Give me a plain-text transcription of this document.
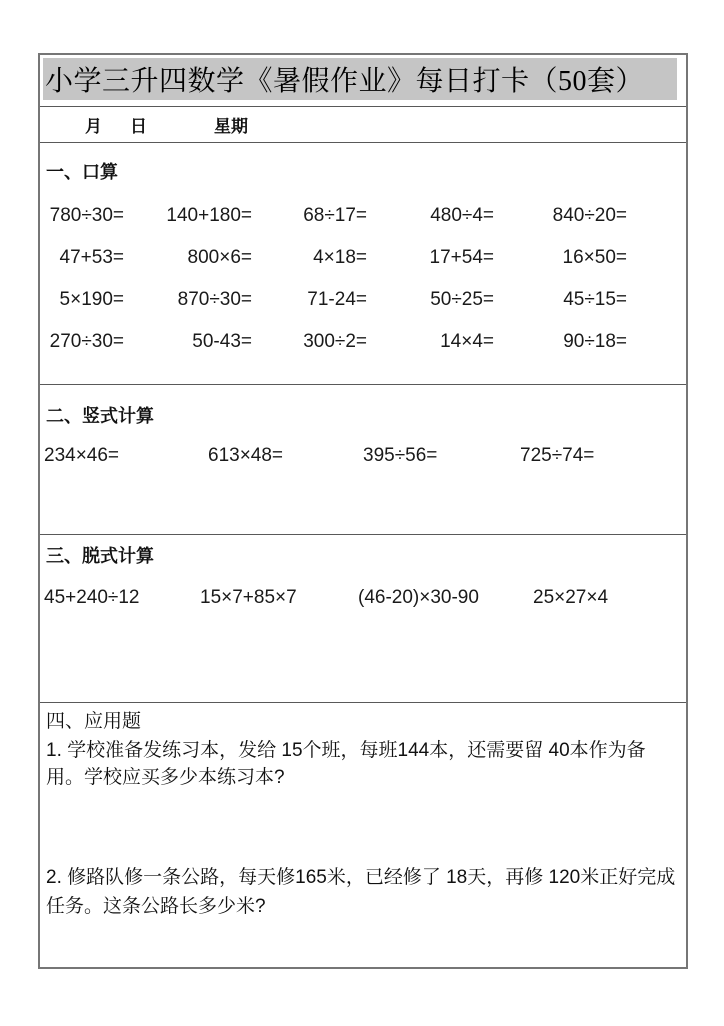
小学三升四数学《暑假作业》每日打卡（50套）
月 日	星期
一、口算
780÷30=	140+180=	68÷17=	480÷4=	840÷20=
47+53=	800×6=	4×18=	17+54=	16×50=
5×190=	870÷30=	71-24=	50÷25=	45÷15=
270÷30=	50-43=	300÷2=	14×4=	90÷18=
二、竖式计算
234×46=	613×48=	395÷56=	725÷74=
三、脱式计算
45+240÷12	15×7+85×7	(46-20)×30-90	25×27×4
四、应用题
1. 学校准备发练习本，发给 15个班，每班144本，还需要留 40本作为备用。学校应买多少本练习本?
2. 修路队修一条公路，每天修165米，已经修了 18天，再修 120米正好完成任务。这条公路长多少米?
